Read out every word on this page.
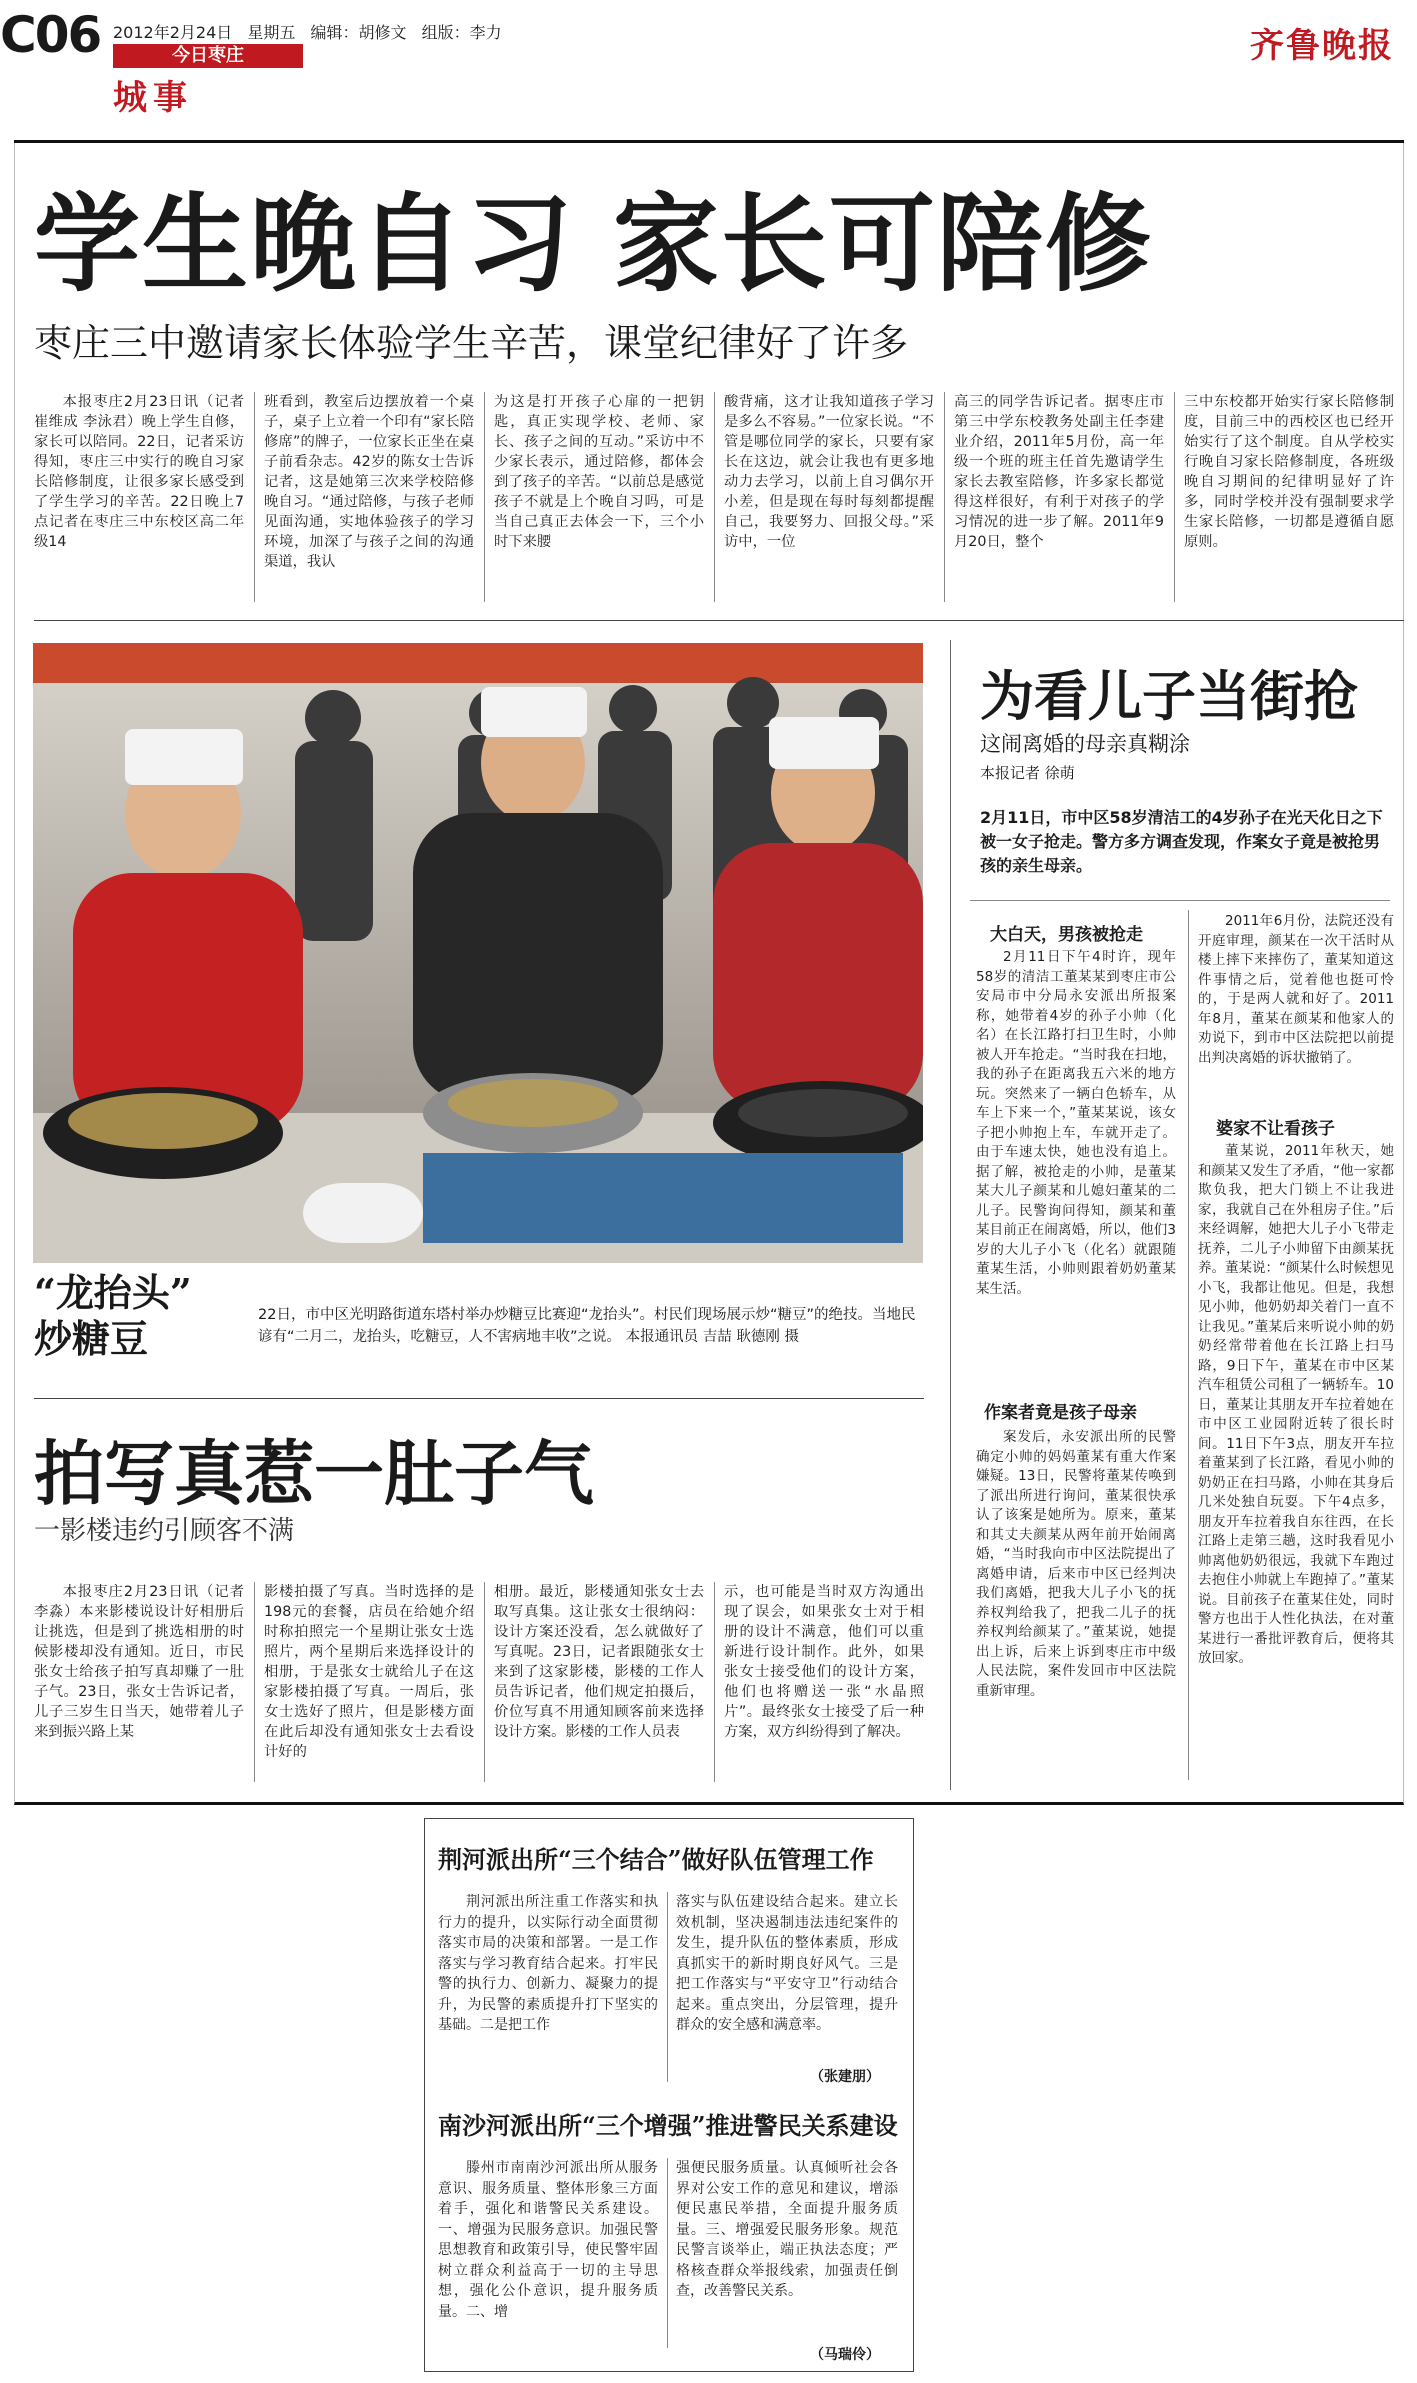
C06 2012年2月24日 星期五 编辑：胡修文 组版：李力
今日枣庄
城事
齐鲁晚报
学生晚自习 家长可陪修
枣庄三中邀请家长体验学生辛苦，课堂纪律好了许多

本报枣庄2月23日讯（记者 崔维成 李泳君）晚上学生自修，家长可以陪同。22日，记者采访得知，枣庄三中实行的晚自习家长陪修制度，让很多家长感受到了学生学习的辛苦。22日晚上7点记者在枣庄三中东校区高二年级14

班看到，教室后边摆放着一个桌子，桌子上立着一个印有“家长陪修席”的牌子，一位家长正坐在桌子前看杂志。42岁的陈女士告诉记者，这是她第三次来学校陪修晚自习。“通过陪修，与孩子老师见面沟通，实地体验孩子的学习环境，加深了与孩子之间的沟通渠道，我认

为这是打开孩子心扉的一把钥匙，真正实现学校、老师、家长、孩子之间的互动。”采访中不少家长表示，通过陪修，都体会到了孩子的辛苦。“以前总是感觉孩子不就是上个晚自习吗，可是当自己真正去体会一下，三个小时下来腰

酸背痛，这才让我知道孩子学习是多么不容易。”一位家长说。“不管是哪位同学的家长，只要有家长在这边，就会让我也有更多地动力去学习，以前上自习偶尔开小差，但是现在每时每刻都提醒自己，我要努力、回报父母。”采访中，一位

高三的同学告诉记者。据枣庄市第三中学东校教务处副主任李建业介绍，2011年5月份，高一年级一个班的班主任首先邀请学生家长去教室陪修，许多家长都觉得这样很好，有利于对孩子的学习情况的进一步了解。2011年9月20日，整个

三中东校都开始实行家长陪修制度，目前三中的西校区也已经开始实行了这个制度。自从学校实行晚自习家长陪修制度，各班级晚自习期间的纪律明显好了许多，同时学校并没有强制要求学生家长陪修，一切都是遵循自愿原则。

“龙抬头”
炒糖豆
22日，市中区光明路街道东塔村举办炒糖豆比赛迎“龙抬头”。村民们现场展示炒“糖豆”的绝技。当地民谚有“二月二，龙抬头，吃糖豆，人不害病地丰收”之说。 本报通讯员 吉喆 耿德刚 摄
拍写真惹一肚子气
一影楼违约引顾客不满

本报枣庄2月23日讯（记者 李淼）本来影楼说设计好相册后让挑选，但是到了挑选相册的时候影楼却没有通知。近日，市民张女士给孩子拍写真却赚了一肚子气。23日，张女士告诉记者，儿子三岁生日当天，她带着儿子来到振兴路上某

影楼拍摄了写真。当时选择的是198元的套餐，店员在给她介绍时称拍照完一个星期让张女士选照片，两个星期后来选择设计的相册，于是张女士就给儿子在这家影楼拍摄了写真。一周后，张女士选好了照片，但是影楼方面在此后却没有通知张女士去看设计好的

相册。最近，影楼通知张女士去取写真集。这让张女士很纳闷：设计方案还没看，怎么就做好了写真呢。23日，记者跟随张女士来到了这家影楼，影楼的工作人员告诉记者，他们规定拍摄后，价位写真不用通知顾客前来选择设计方案。影楼的工作人员表

示，也可能是当时双方沟通出现了误会，如果张女士对于相册的设计不满意，他们可以重新进行设计制作。此外，如果张女士接受他们的设计方案，他们也将赠送一张“水晶照片”。最终张女士接受了后一种方案，双方纠纷得到了解决。

为看儿子当街抢
这闹离婚的母亲真糊涂
本报记者 徐萌
2月11日，市中区58岁清洁工的4岁孙子在光天化日之下被一女子抢走。警方多方调查发现，作案女子竟是被抢男孩的亲生母亲。
大白天，男孩被抢走

2月11日下午4时许，现年58岁的清洁工董某某到枣庄市公安局市中分局永安派出所报案称，她带着4岁的孙子小帅（化名）在长江路打扫卫生时，小帅被人开车抢走。“当时我在扫地，我的孙子在距离我五六米的地方玩。突然来了一辆白色轿车，从车上下来一个，”董某某说，该女子把小帅抱上车，车就开走了。由于车速太快，她也没有追上。据了解，被抢走的小帅，是董某某大儿子颜某和儿媳妇董某的二儿子。民警询问得知，颜某和董某目前正在闹离婚，所以，他们3岁的大儿子小飞（化名）就跟随董某生活，小帅则跟着奶奶董某某生活。

作案者竟是孩子母亲

案发后，永安派出所的民警确定小帅的妈妈董某有重大作案嫌疑。13日，民警将董某传唤到了派出所进行询问，董某很快承认了该案是她所为。原来，董某和其丈夫颜某从两年前开始闹离婚，“当时我向市中区法院提出了离婚申请，后来市中区已经判决我们离婚，把我大儿子小飞的抚养权判给我了，把我二儿子的抚养权判给颜某了。”董某说，她提出上诉，后来上诉到枣庄市中级人民法院，案件发回市中区法院重新审理。

2011年6月份，法院还没有开庭审理，颜某在一次干活时从楼上摔下来摔伤了，董某知道这件事情之后，觉着他也挺可怜的，于是两人就和好了。2011年8月，董某在颜某和他家人的劝说下，到市中区法院把以前提出判决离婚的诉状撤销了。

婆家不让看孩子

董某说，2011年秋天，她和颜某又发生了矛盾，“他一家都欺负我，把大门锁上不让我进家，我就自己在外租房子住。”后来经调解，她把大儿子小飞带走抚养，二儿子小帅留下由颜某抚养。董某说：“颜某什么时候想见小飞，我都让他见。但是，我想见小帅，他奶奶却关着门一直不让我见。”董某后来听说小帅的奶奶经常带着他在长江路上扫马路，9日下午，董某在市中区某汽车租赁公司租了一辆轿车。10日，董某让其朋友开车拉着她在市中区工业园附近转了很长时间。11日下午3点，朋友开车拉着董某到了长江路，看见小帅的奶奶正在扫马路，小帅在其身后几米处独自玩耍。下午4点多，朋友开车拉着我自东往西，在长江路上走第三趟，这时我看见小帅离他奶奶很远，我就下车跑过去抱住小帅就上车跑掉了。”董某说。目前孩子在董某住处，同时警方也出于人性化执法，在对董某进行一番批评教育后，便将其放回家。

荆河派出所“三个结合”做好队伍管理工作

荆河派出所注重工作落实和执行力的提升，以实际行动全面贯彻落实市局的决策和部署。一是工作落实与学习教育结合起来。打牢民警的执行力、创新力、凝聚力的提升，为民警的素质提升打下坚实的基础。二是把工作

落实与队伍建设结合起来。建立长效机制，坚决遏制违法违纪案件的发生，提升队伍的整体素质，形成真抓实干的新时期良好风气。三是把工作落实与“平安守卫”行动结合起来。重点突出，分层管理，提升群众的安全感和满意率。

（张建朋）
南沙河派出所“三个增强”推进警民关系建设

滕州市南南沙河派出所从服务意识、服务质量、整体形象三方面着手，强化和谐警民关系建设。一、增强为民服务意识。加强民警思想教育和政策引导，使民警牢固树立群众利益高于一切的主导思想，强化公仆意识，提升服务质量。二、增

强便民服务质量。认真倾听社会各界对公安工作的意见和建议，增添便民惠民举措，全面提升服务质量。三、增强爱民服务形象。规范民警言谈举止，端正执法态度；严格核查群众举报线索，加强责任倒查，改善警民关系。

（马瑞伶）
